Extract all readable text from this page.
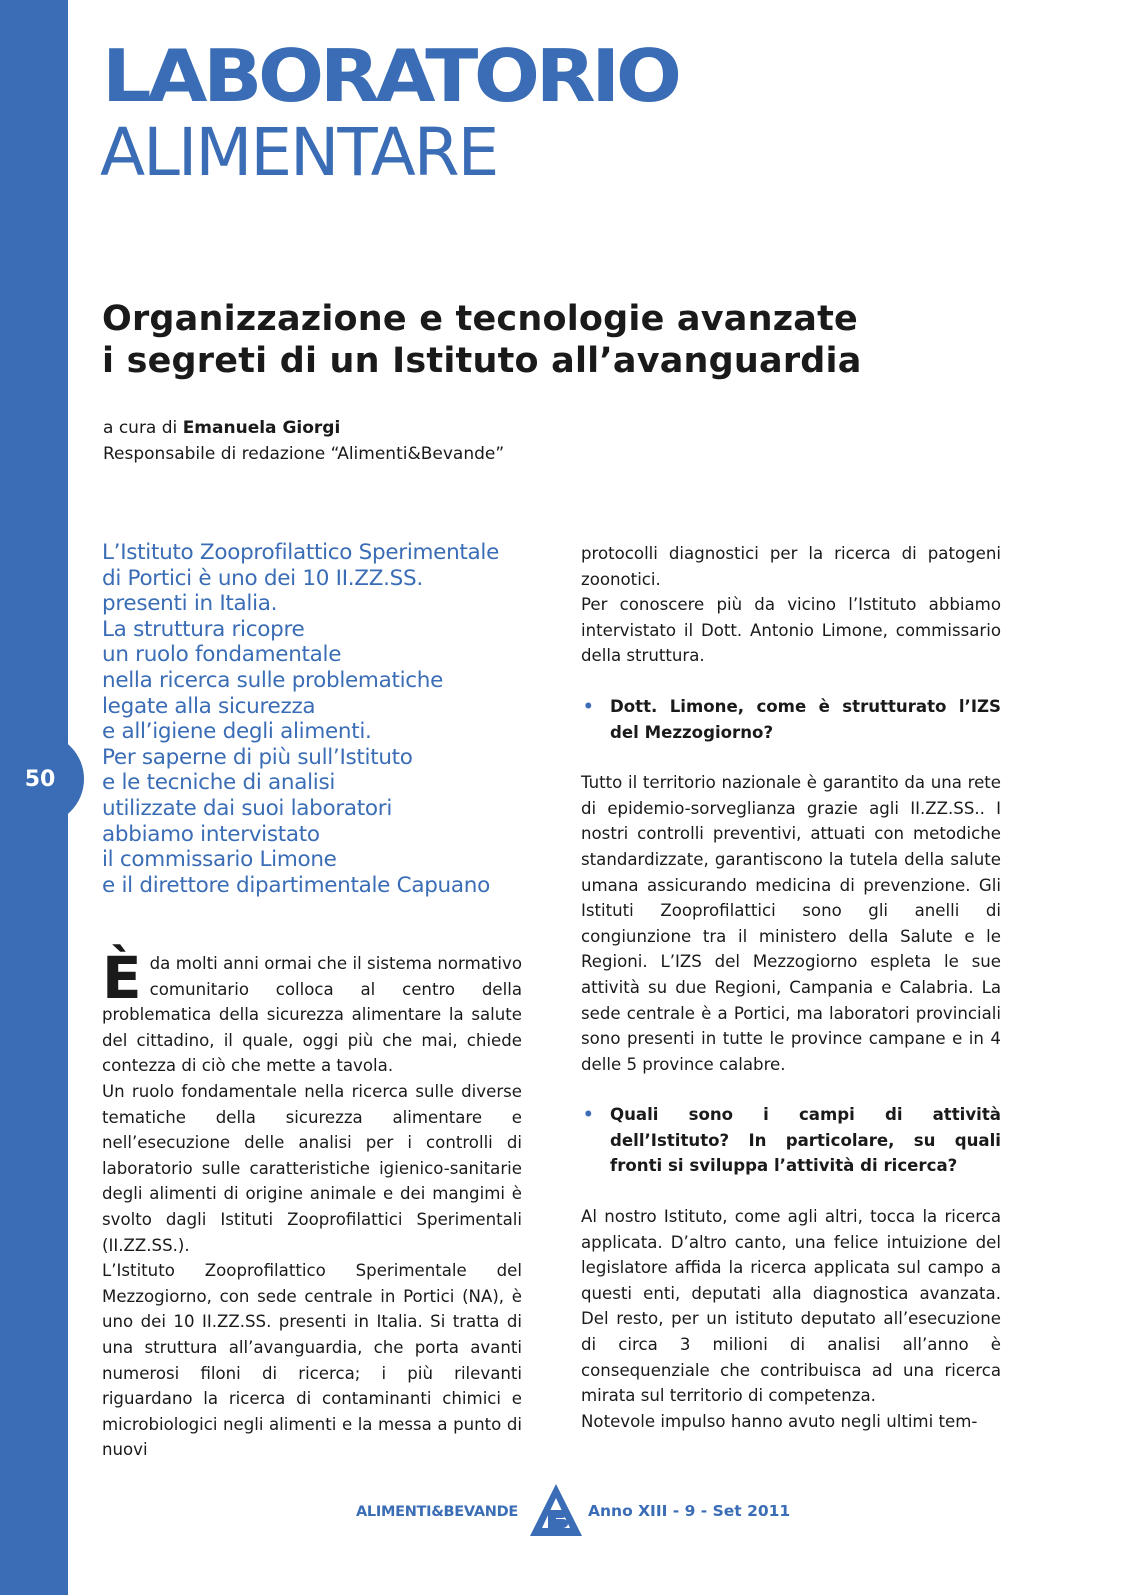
50
LABORATORIO
ALIMENTARE
Organizzazione e tecnologie avanzate
i segreti di un Istituto all’avanguardia
a cura di Emanuela Giorgi
Responsabile di redazione “Alimenti&Bevande”
L’Istituto Zooprofilattico Sperimentale
di Portici è uno dei 10 II.ZZ.SS.
presenti in Italia.
La struttura ricopre
un ruolo fondamentale
nella ricerca sulle problematiche
legate alla sicurezza
e all’igiene degli alimenti.
Per saperne di più sull’Istituto
e le tecniche di analisi
utilizzate dai suoi laboratori
abbiamo intervistato
il commissario Limone
e il direttore dipartimentale Capuano

È da molti anni ormai che il sistema normativo comunitario colloca al centro della problematica della sicurezza alimentare la salute del cittadino, il quale, oggi più che mai, chiede contezza di ciò che mette a tavola.

Un ruolo fondamentale nella ricerca sulle diverse tematiche della sicurezza alimentare e nell’esecuzione delle analisi per i controlli di laboratorio sulle caratteristiche igienico-sanitarie degli alimenti di origine animale e dei mangimi è svolto dagli Istituti Zooprofilattici Sperimentali (II.ZZ.SS.).

L’Istituto Zooprofilattico Sperimentale del Mezzogiorno, con sede centrale in Portici (NA), è uno dei 10 II.ZZ.SS. presenti in Italia. Si tratta di una struttura all’avanguardia, che porta avanti numerosi filoni di ricerca; i più rilevanti riguardano la ricerca di contaminanti chimici e microbiologici negli alimenti e la messa a punto di nuovi

protocolli diagnostici per la ricerca di patogeni zoonotici.

Per conoscere più da vicino l’Istituto abbiamo intervistato il Dott. Antonio Limone, commissario della struttura.

• Dott. Limone, come è strutturato l’IZS del Mezzogiorno?

Tutto il territorio nazionale è garantito da una rete di epidemio-sorveglianza grazie agli II.ZZ.SS.. I nostri controlli preventivi, attuati con metodiche standardizzate, garantiscono la tutela della salute umana assicurando medicina di prevenzione. Gli Istituti Zooprofilattici sono gli anelli di congiunzione tra il ministero della Salute e le Regioni. L’IZS del Mezzogiorno espleta le sue attività su due Regioni, Campania e Calabria. La sede centrale è a Portici, ma laboratori provinciali sono presenti in tutte le province campane e in 4 delle 5 province calabre.

• Quali sono i campi di attività dell’Istituto? In particolare, su quali fronti si sviluppa l’attività di ricerca?

Al nostro Istituto, come agli altri, tocca la ricerca applicata. D’altro canto, una felice intuizione del legislatore affida la ricerca applicata sul campo a questi enti, deputati alla diagnostica avanzata. Del resto, per un istituto deputato all’esecuzione di circa 3 milioni di analisi all’anno è consequenziale che contribuisca ad una ricerca mirata sul territorio di competenza.

Notevole impulso hanno avuto negli ultimi tem-

ALIMENTI&BEVANDE	Anno XIII - 9 - Set 2011
